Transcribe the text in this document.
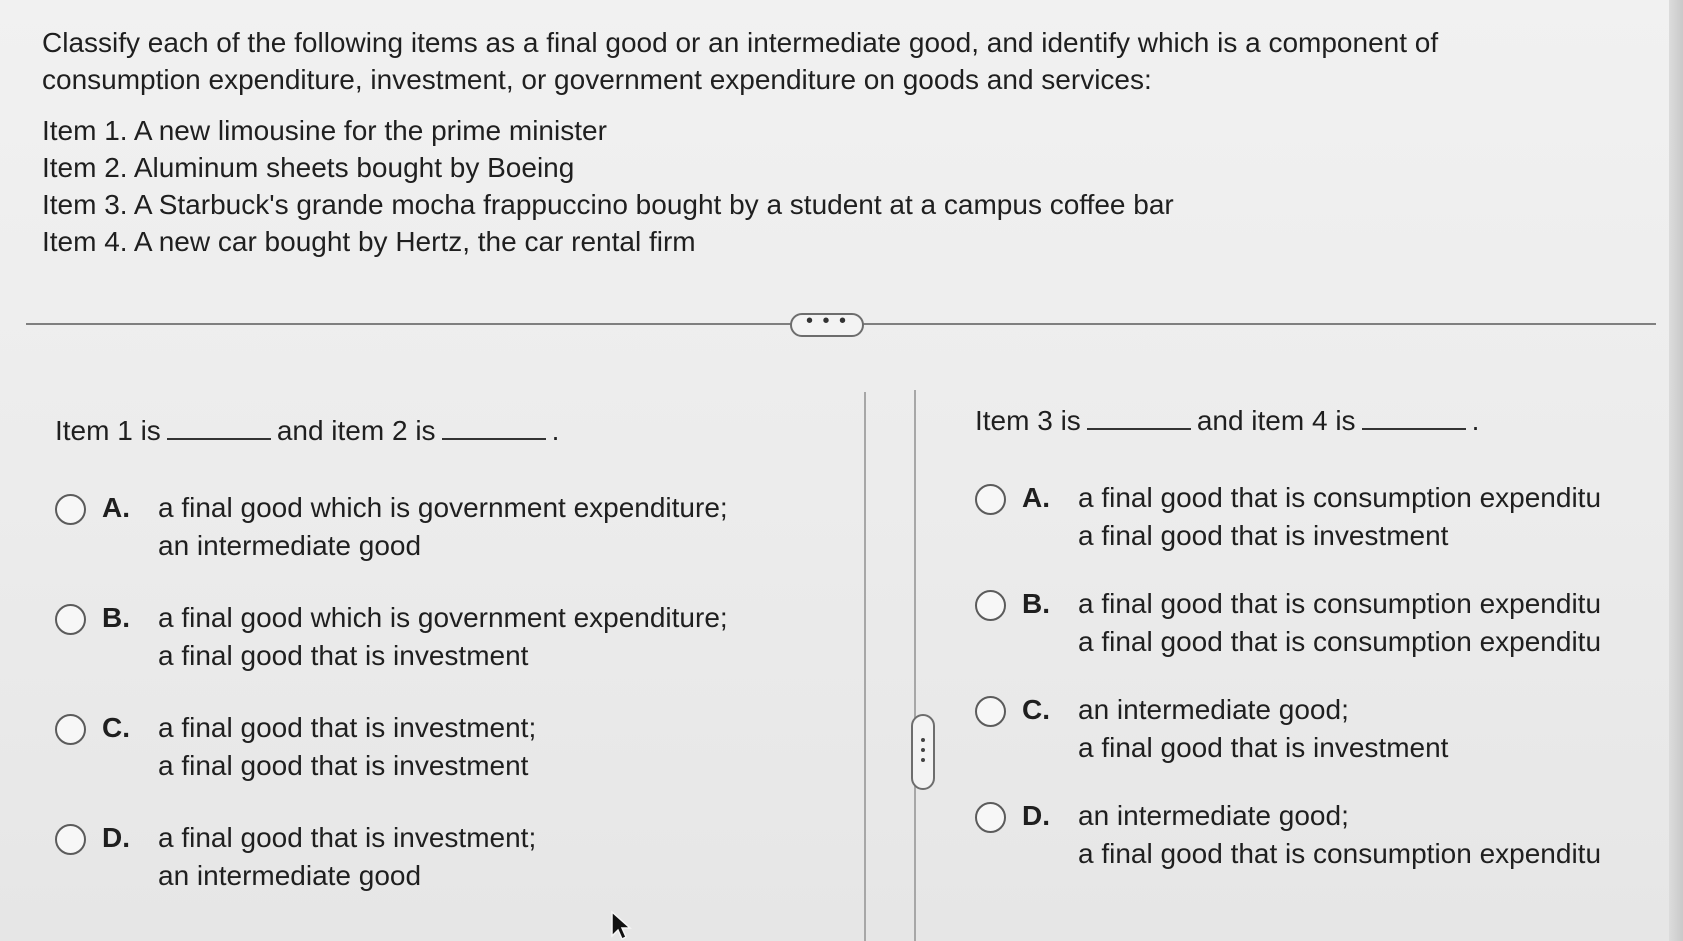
Classify each of the following items as a final good or an intermediate good, and identify which is a component of consumption expenditure, investment, or government expenditure on goods and services:

Item 1. A new limousine for the prime minister
Item 2. Aluminum sheets bought by Boeing
Item 3. A Starbuck's grande mocha frappuccino bought by a student at a campus coffee bar
Item 4. A new car bought by Hertz, the car rental firm
• • •
Item 1 is	and item 2 is	.
A.	a final good which is government expenditure;
an intermediate good
B.	a final good which is government expenditure;
a final good that is investment
C.	a final good that is investment;
a final good that is investment
D.	a final good that is investment;
an intermediate good
Item 3 is	and item 4 is	.
A.	a final good that is consumption expenditu
a final good that is investment
B.	a final good that is consumption expenditu
a final good that is consumption expenditu
C.	an intermediate good;
a final good that is investment
D.	an intermediate good;
a final good that is consumption expenditu
